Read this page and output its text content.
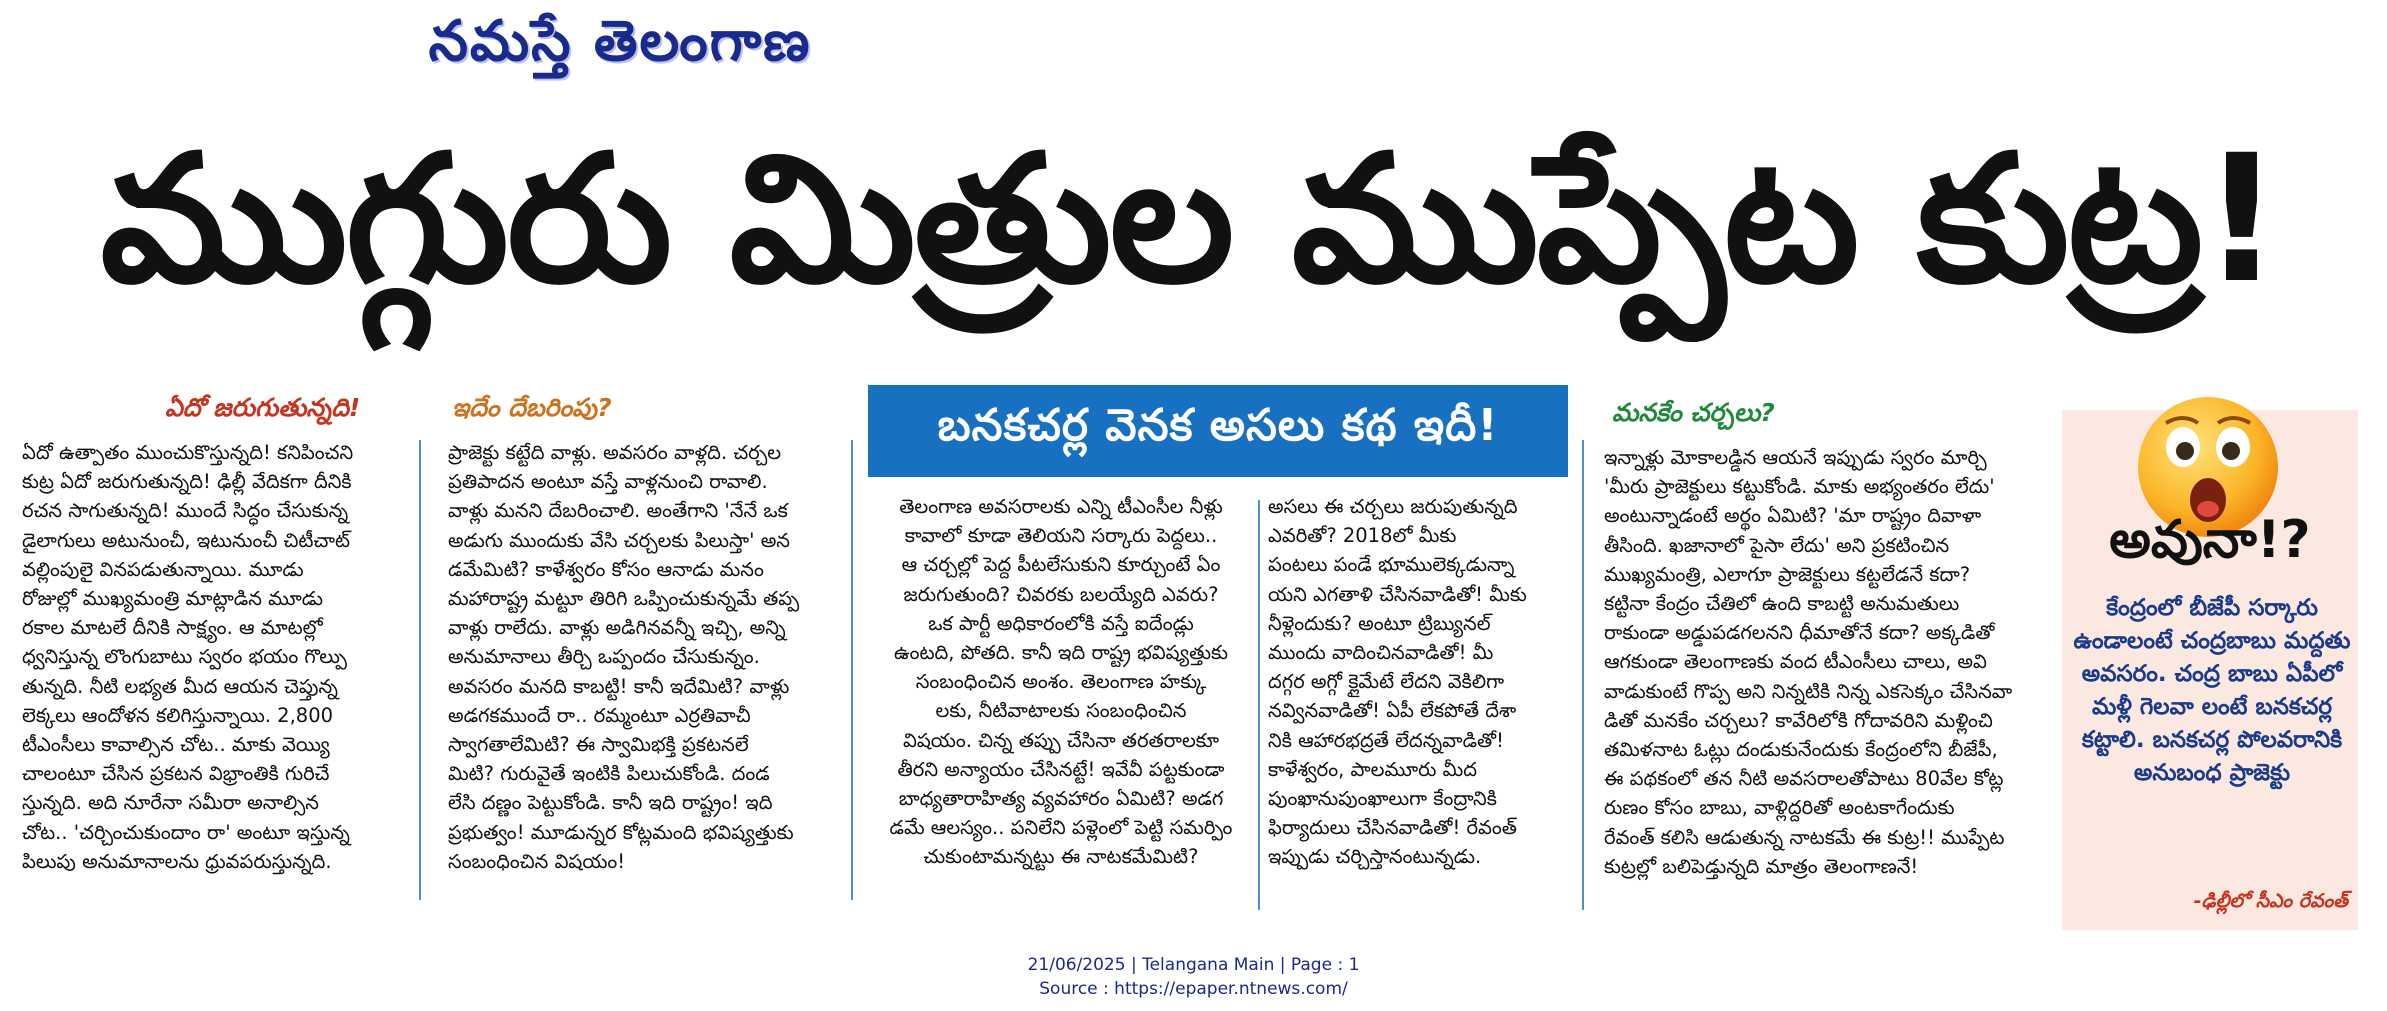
నమస్తే తెలంగాణ
ముగ్గురు మిత్రుల ముప్పేట కుట్ర!
ఏదో జరుగుతున్నది!	ఇదేం దేబరింపు?	బనకచర్ల వెనక అసలు కథ ఇదీ!	మనకేం చర్చలు?

ఏదో ఉత్పాతం ముంచుకొస్తున్నది! కనిపించని

కుట్ర ఏదో జరుగుతున్నది! ఢిల్లీ వేదికగా దీనికి

రచన సాగుతున్నది! ముందే సిద్ధం చేసుకున్న

డైలాగులు అటునుంచీ, ఇటునుంచీ చిటీచాట్

వల్లింపులై వినపడుతున్నాయి. మూడు

రోజుల్లో ముఖ్యమంత్రి మాట్లాడిన మూడు

రకాల మాటలే దీనికి సాక్ష్యం. ఆ మాటల్లో

ధ్వనిస్తున్న లొంగుబాటు స్వరం భయం గొల్పు

తున్నది. నీటి లభ్యత మీద ఆయన చెప్తున్న

లెక్కలు ఆందోళన కలిగిస్తున్నాయి. 2,800

టీఎంసీలు కావాల్సిన చోట.. మాకు వెయ్యి

చాలంటూ చేసిన ప్రకటన విభ్రాంతికి గురిచే

స్తున్నది. అది నూరేనా సమీరా అనాల్సిన

చోట.. 'చర్చించుకుందాం రా' అంటూ ఇస్తున్న

పిలుపు అనుమానాలను ధ్రువపరుస్తున్నది.

ప్రాజెక్టు కట్టేది వాళ్లు. అవసరం వాళ్లది. చర్చల

ప్రతిపాదన అంటూ వస్తే వాళ్లనుంచి రావాలి.

వాళ్లు మనని దేబరించాలి. అంతేగాని 'నేనే ఒక

అడుగు ముందుకు వేసి చర్చలకు పిలుస్తా' అన

డమేమిటి? కాళేశ్వరం కోసం ఆనాడు మనం

మహారాష్ట్ర మట్టూ తిరిగి ఒప్పించుకున్నమే తప్ప

వాళ్లు రాలేదు. వాళ్లు అడిగినవన్నీ ఇచ్చి, అన్ని

అనుమానాలు తీర్చి ఒప్పందం చేసుకున్నం.

అవసరం మనది కాబట్టి! కానీ ఇదేమిటి? వాళ్లు

అడగకముందే రా.. రమ్మంటూ ఎర్రతివాచీ

స్వాగతాలేమిటి? ఈ స్వామిభక్తి ప్రకటనలే

మిటి? గురువైతే ఇంటికి పిలుచుకోండి. దండ

లేసి దణ్ణం పెట్టుకోండి. కానీ ఇది రాష్ట్రం! ఇది

ప్రభుత్వం! మూడున్నర కోట్లమంది భవిష్యత్తుకు

సంబంధించిన విషయం!

తెలంగాణ అవసరాలకు ఎన్ని టీఎంసీల నీళ్లు

కావాలో కూడా తెలియని సర్కారు పెద్దలు..

ఆ చర్చల్లో పెద్ద పీటలేసుకుని కూర్చుంటే ఏం

జరుగుతుంది? చివరకు బలయ్యేది ఎవరు?

ఒక పార్టీ అధికారంలోకి వస్తే ఐదేండ్లు

ఉంటది, పోతది. కానీ ఇది రాష్ట్ర భవిష్యత్తుకు

సంబంధించిన అంశం. తెలంగాణ హక్కు

లకు, నీటివాటాలకు సంబంధించిన

విషయం. చిన్న తప్పు చేసినా తరతరాలకూ

తీరని అన్యాయం చేసినట్టే! ఇవేవీ పట్టకుండా

బాధ్యతారాహిత్య వ్యవహారం ఏమిటి? అడగ

డమే ఆలస్యం.. పనిలేని పళ్లెంలో పెట్టి సమర్పిం

చుకుంటామన్నట్టు ఈ నాటకమేమిటి?

అసలు ఈ చర్చలు జరుపుతున్నది

ఎవరితో? 2018లో మీకు

పంటలు పండే భూములెక్కడున్నా

యని ఎగతాళి చేసినవాడితో! మీకు

నీళ్లెందుకు? అంటూ ట్రిబ్యునల్

ముందు వాదించినవాడితో! మీ

దగ్గర అగ్గో క్లైమేటే లేదని వెకిలిగా

నవ్వినవాడితో! ఏపీ లేకపోతే దేశా

నికి ఆహారభద్రతే లేదన్నవాడితో!

కాళేశ్వరం, పాలమూరు మీద

పుంఖానుపుంఖాలుగా కేంద్రానికి

ఫిర్యాదులు చేసినవాడితో! రేవంత్

ఇప్పుడు చర్చిస్తానంటున్నడు.

ఇన్నాళ్లు మోకాలడ్డిన ఆయనే ఇప్పుడు స్వరం మార్చి

'మీరు ప్రాజెక్టులు కట్టుకోండి. మాకు అభ్యంతరం లేదు'

అంటున్నాడంటే అర్థం ఏమిటి? 'మా రాష్ట్రం దివాళా

తీసింది. ఖజానాలో పైసా లేదు' అని ప్రకటించిన

ముఖ్యమంత్రి, ఎలాగూ ప్రాజెక్టులు కట్టలేడనే కదా?

కట్టినా కేంద్రం చేతిలో ఉంది కాబట్టి అనుమతులు

రాకుండా అడ్డుపడగలనని ధీమాతోనే కదా? అక్కడితో

ఆగకుండా తెలంగాణకు వంద టీఎంసీలు చాలు, అవి

వాడుకుంటే గొప్ప అని నిన్నటికి నిన్న ఎకసెక్కం చేసినవా

డితో మనకేం చర్చలు? కావేరిలోకి గోదావరిని మళ్లించి

తమిళనాట ఓట్లు దండుకునేందుకు కేంద్రంలోని బీజేపీ,

ఈ పథకంలో తన నీటి అవసరాలతోపాటు 80వేల కోట్ల

రుణం కోసం బాబు, వాళ్లిద్దరితో అంటకాగేందుకు

రేవంత్ కలిసి ఆడుతున్న నాటకమే ఈ కుట్ర!! ముప్పేట

కుట్రల్లో బలిపెడ్తున్నది మాత్రం తెలంగాణనే!

అవునా!?
కేంద్రంలో బీజేపీ సర్కారు ఉండాలంటే చంద్రబాబు మద్దతు అవసరం. చంద్ర బాబు ఏపీలో మళ్లీ గెలవా లంటే బనకచర్ల కట్టాలి. బనకచర్ల పోలవరానికి అనుబంధ ప్రాజెక్టు
-ఢిల్లీలో సీఎం రేవంత్
21/06/2025 | Telangana Main | Page : 1
Source : https://epaper.ntnews.com/
